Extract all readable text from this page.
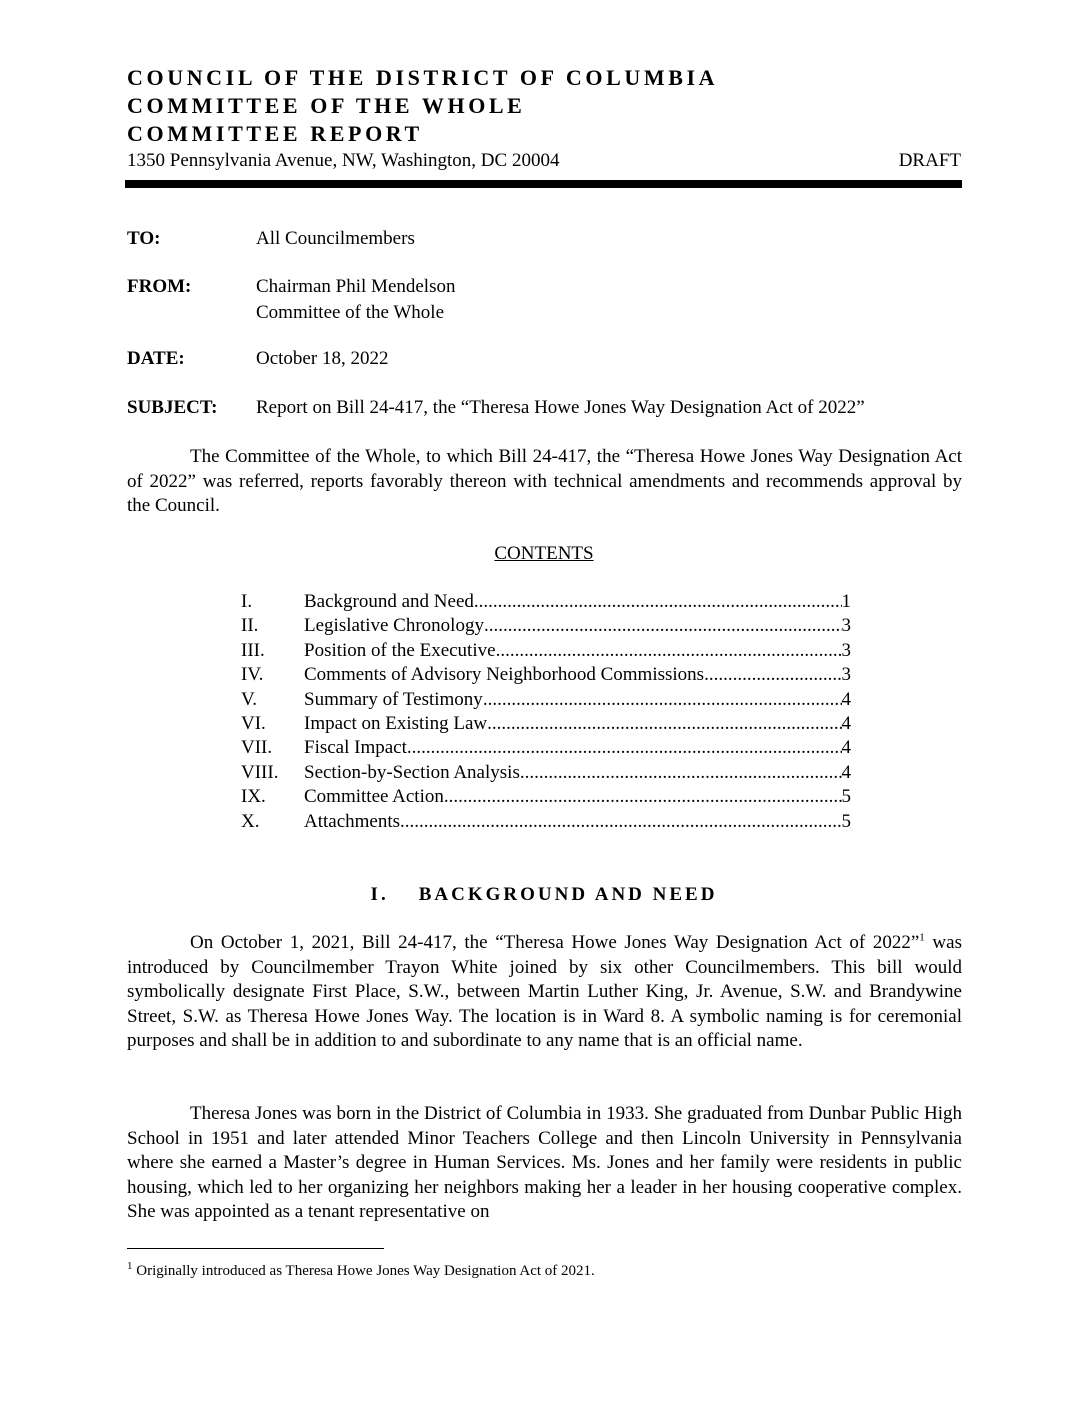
COUNCIL OF THE DISTRICT OF COLUMBIA
COMMITTEE OF THE WHOLE
COMMITTEE REPORT
1350 Pennsylvania Avenue, NW, Washington, DC 20004	DRAFT
TO:	All Councilmembers
FROM:	Chairman Phil Mendelson
Committee of the Whole
DATE:	October 18, 2022
SUBJECT: Report on Bill 24-417, the “Theresa Howe Jones Way Designation Act of 2022”

The Committee of the Whole, to which Bill 24-417, the “Theresa Howe Jones Way Designation Act of 2022” was referred, reports favorably thereon with technical amendments and recommends approval by the Council.

CONTENTS
I.	Background and Need .....	1
II.	Legislative Chronology .....	3
III.	Position of the Executive .....	3
IV.	Comments of Advisory Neighborhood Commissions .....	3
V.	Summary of Testimony .....	4
VI.	Impact on Existing Law .....	4
VII.	Fiscal Impact .....	4
VIII.	Section-by-Section Analysis .....	4
IX.	Committee Action .....	5
X.	Attachments .....	5
I. BACKGROUND AND NEED

On October 1, 2021, Bill 24-417, the “Theresa Howe Jones Way Designation Act of 2022”$^1$ was introduced by Councilmember Trayon White joined by six other Councilmembers. This bill would symbolically designate First Place, S.W., between Martin Luther King, Jr. Avenue, S.W. and Brandywine Street, S.W. as Theresa Howe Jones Way. The location is in Ward 8. A symbolic naming is for ceremonial purposes and shall be in addition to and subordinate to any name that is an official name.

Theresa Jones was born in the District of Columbia in 1933. She graduated from Dunbar Public High School in 1951 and later attended Minor Teachers College and then Lincoln University in Pennsylvania where she earned a Master’s degree in Human Services. Ms. Jones and her family were residents in public housing, which led to her organizing her neighbors making her a leader in her housing cooperative complex. She was appointed as a tenant representative on

$^1$ Originally introduced as Theresa Howe Jones Way Designation Act of 2021.
